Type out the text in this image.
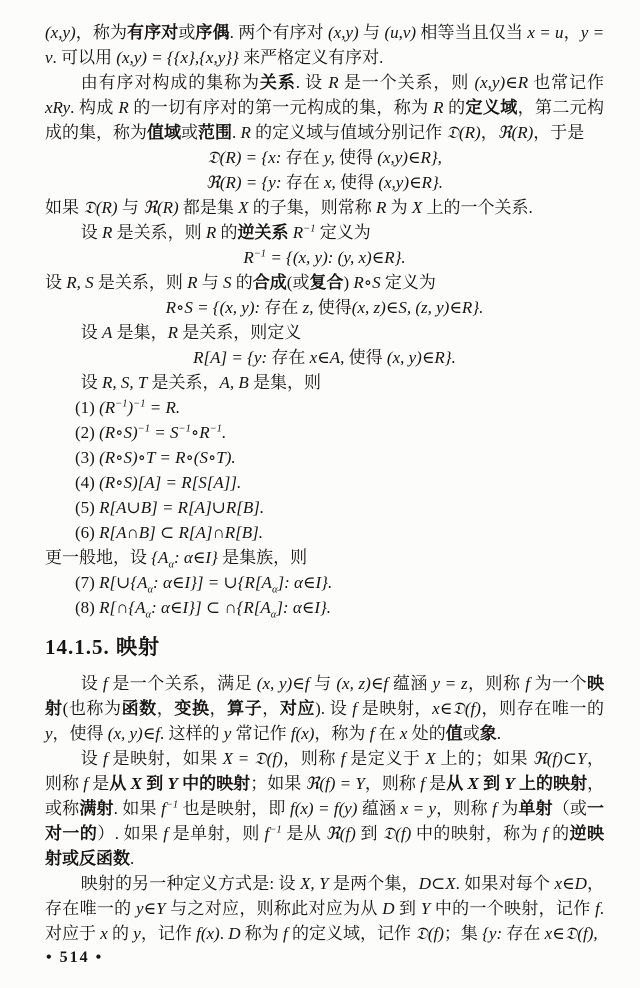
(x,y)，称为有序对或序偶. 两个有序对 (x,y) 与 (u,v) 相等当且仅当 x = u，y = v. 可以用 (x,y) = {{x},{x,y}} 来严格定义有序对.

由有序对构成的集称为关系. 设 R 是一个关系，则 (x,y)∈R 也常记作 xRy. 构成 R 的一切有序对的第一元构成的集，称为 R 的定义域，第二元构成的集，称为值域或范围. R 的定义域与值域分别记作 𝔇(R)，ℜ(R)，于是

𝔇(R) = {x: 存在 y, 使得 (x,y)∈R},

ℜ(R) = {y: 存在 x, 使得 (x,y)∈R}.

如果 𝔇(R) 与 ℜ(R) 都是集 X 的子集，则常称 R 为 X 上的一个关系.

设 R 是关系，则 R 的逆关系 $R^{-1}$ 定义为

$R^{-1} = \{(x$, y): (y, x)∈R}.

设 R, S 是关系，则 R 与 S 的合成(或复合) R∘S 定义为

R∘S = {(x, y): 存在 z, 使得(x, z)∈S, (z, y)∈R}.

设 A 是集，R 是关系，则定义

R[A] = {y: 存在 x∈A, 使得 (x, y)∈R}.

设 R, S, T 是关系，A, B 是集，则

(1) $(R^{-1})^{-1} = R$.

(2) (R∘S)$^{-1}$ = $S^{-1}\circ R^{-1}$.

(3) (R∘S)∘T = R∘(S∘T).

(4) (R∘S)[A] = R[S[A]].

(5) R[A∪B] = R[A]∪R[B].

(6) R[A∩B] ⊂ R[A]∩R[B].

更一般地，设 {$A_\alpha$: α∈I} 是集族，则

(7) $R[\cup\{A_\alpha$: α∈I}] = $\cup\{R[A_\alpha]$: α∈I}.

(8) $R[\cap\{A_\alpha$: α∈I}] ⊂ $\cap\{R[A_\alpha]$: α∈I}.

14.1.5. 映射

设 f 是一个关系，满足 (x, y)∈f 与 (x, z)∈f 蕴涵 y = z，则称 f 为一个映射(也称为函数，变换，算子，对应). 设 f 是映射，x∈𝔇(f)，则存在唯一的 y，使得 (x, y)∈f. 这样的 y 常记作 f(x)，称为 f 在 x 处的值或象.

设 f 是映射，如果 X = 𝔇(f)，则称 f 是定义于 X 上的；如果 ℜ(f)⊂Y，则称 f 是从 X 到 Y 中的映射；如果 ℜ(f) = Y，则称 f 是从 X 到 Y 上的映射，或称满射. 如果 $f^{-1}$ 也是映射，即 f(x) = f(y) 蕴涵 x = y，则称 f 为单射（或一对一的）. 如果 f 是单射，则 $f^{-1}$ 是从 ℜ(f) 到 𝔇(f) 中的映射，称为 f 的逆映射或反函数.

映射的另一种定义方式是: 设 X, Y 是两个集，D⊂X. 如果对每个 x∈D，存在唯一的 y∈Y 与之对应，则称此对应为从 D 到 Y 中的一个映射，记作 f. 对应于 x 的 y，记作 f(x). D 称为 f 的定义域，记作 𝔇(f)；集 {y: 存在 x∈𝔇(f),

• 514 •
